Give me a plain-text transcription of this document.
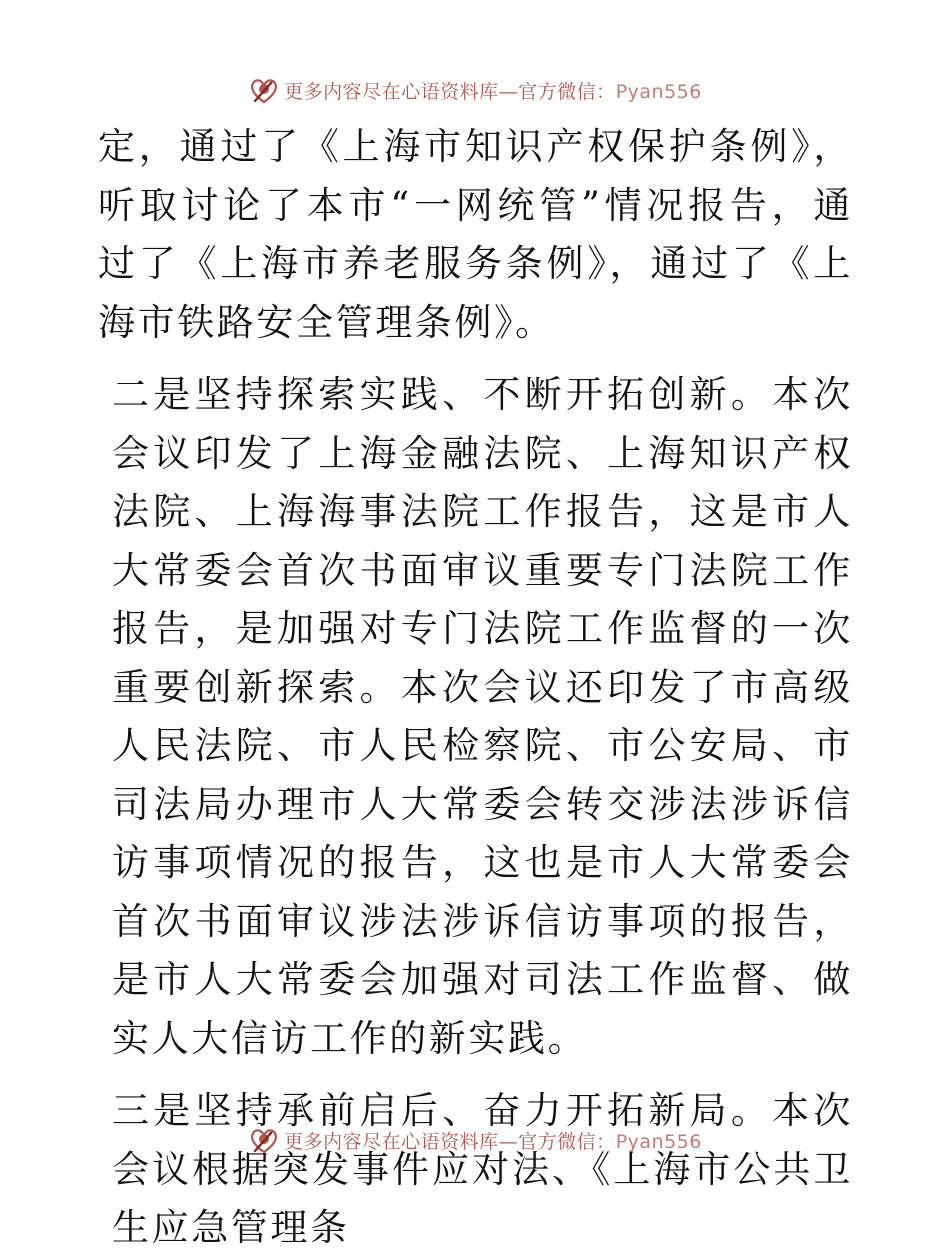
更多内容尽在心语资料库—官方微信：Pyan556

定，通过了《上海市知识产权保护条例》，听取讨论了本市“一网统管”情况报告，通过了《上海市养老服务条例》，通过了《上海市铁路安全管理条例》。

二是坚持探索实践、不断开拓创新。本次会议印发了上海金融法院、上海知识产权法院、上海海事法院工作报告，这是市人大常委会首次书面审议重要专门法院工作报告，是加强对专门法院工作监督的一次重要创新探索。本次会议还印发了市高级人民法院、市人民检察院、市公安局、市司法局办理市人大常委会转交涉法涉诉信访事项情况的报告，这也是市人大常委会首次书面审议涉法涉诉信访事项的报告，是市人大常委会加强对司法工作监督、做实人大信访工作的新实践。

三是坚持承前启后、奋力开拓新局。本次会议根据突发事件应对法、《上海市公共卫生应急管理条

更多内容尽在心语资料库—官方微信：Pyan556
